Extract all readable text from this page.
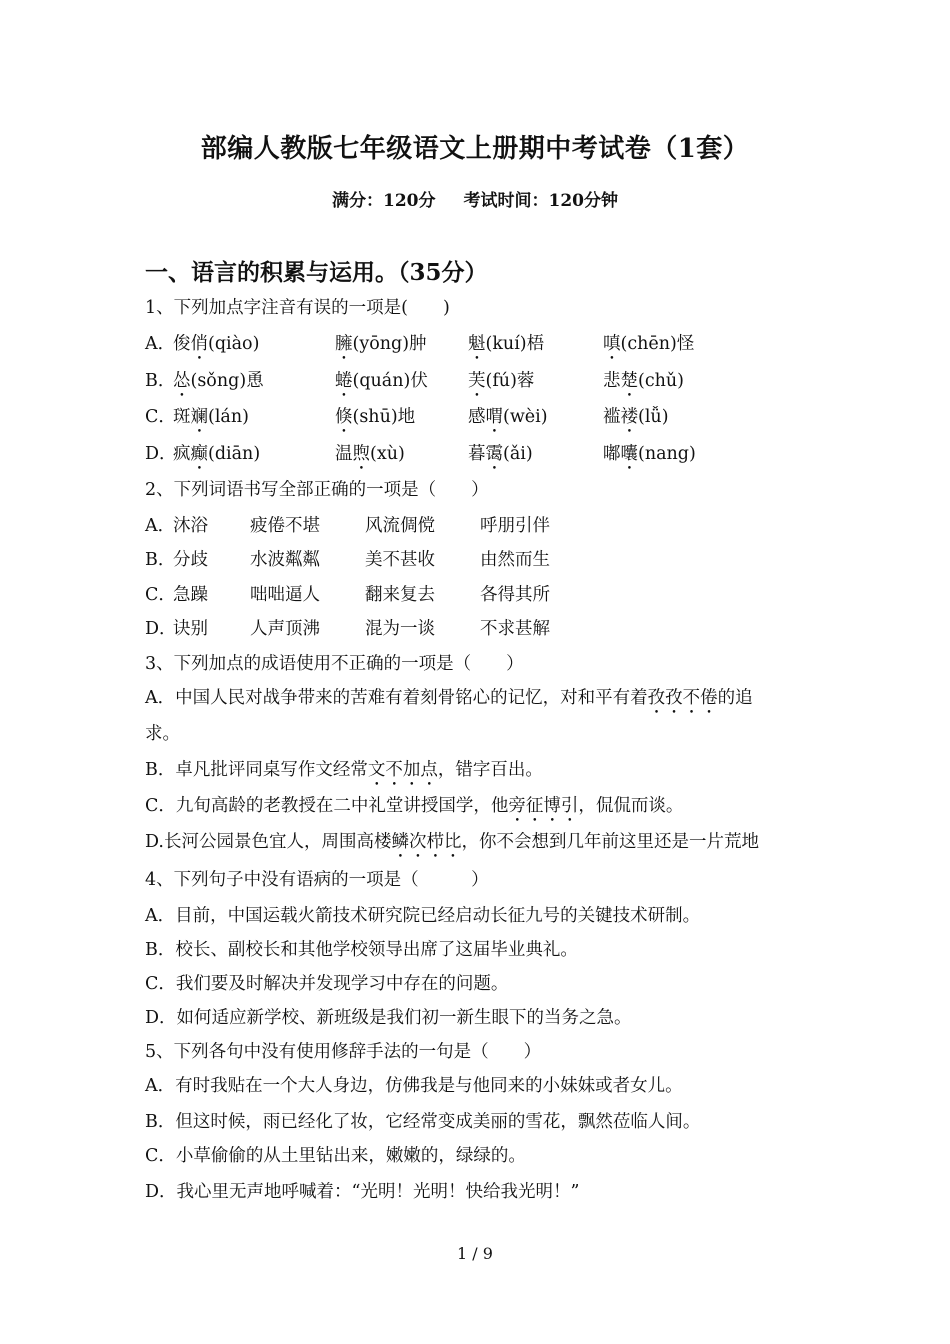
部编人教版七年级语文上册期中考试卷（1套）
满分：120分 考试时间：120分钟
一、语言的积累与运用。（35分）
1、下列加点字注音有误的一项是(　　)
A．
俊俏(qiào)	臃(yōng)肿 魁(kuí)梧	嗔(chēn)怪
B．
怂(sǒng)恿	蜷(quán)伏 芙(fú)蓉	悲楚(chǔ)
C．
斑斓(lán)	倏(shū)地	感喟(wèi)	褴褛(lǚ)
D．
疯癫(diān)	温煦(xù)	暮霭(ǎi)	嘟囔(nang)
2、下列词语书写全部正确的一项是（　　）
A．
沐浴 疲倦不堪	风流倜傥	呼朋引伴
B．
分歧 水波粼粼	美不甚收	由然而生
C．
急躁 咄咄逼人	翻来复去	各得其所
D．
诀别 人声顶沸	混为一谈	不求甚解
3、下列加点的成语使用不正确的一项是（　　）
A．中国人民对战争带来的苦难有着刻骨铭心的记忆，对和平有着孜孜不倦的追
求。
B．卓凡批评同桌写作文经常文不加点，错字百出。
C．九旬高龄的老教授在二中礼堂讲授国学，他旁征博引，侃侃而谈。
D.长河公园景色宜人，周围高楼鳞次栉比，你不会想到几年前这里还是一片荒地
4、下列句子中没有语病的一项是（　　　）
A．目前，中国运载火箭技术研究院已经启动长征九号的关键技术研制。
B．校长、副校长和其他学校领导出席了这届毕业典礼。
C．我们要及时解决并发现学习中存在的问题。
D．如何适应新学校、新班级是我们初一新生眼下的当务之急。
5、下列各句中没有使用修辞手法的一句是（　　）
A．有时我贴在一个大人身边，仿佛我是与他同来的小妹妹或者女儿。
B．但这时候，雨已经化了妆，它经常变成美丽的雪花，飘然莅临人间。
C．小草偷偷的从土里钻出来，嫩嫩的，绿绿的。
D．我心里无声地呼喊着：“光明！光明！快给我光明！”
1 / 9
